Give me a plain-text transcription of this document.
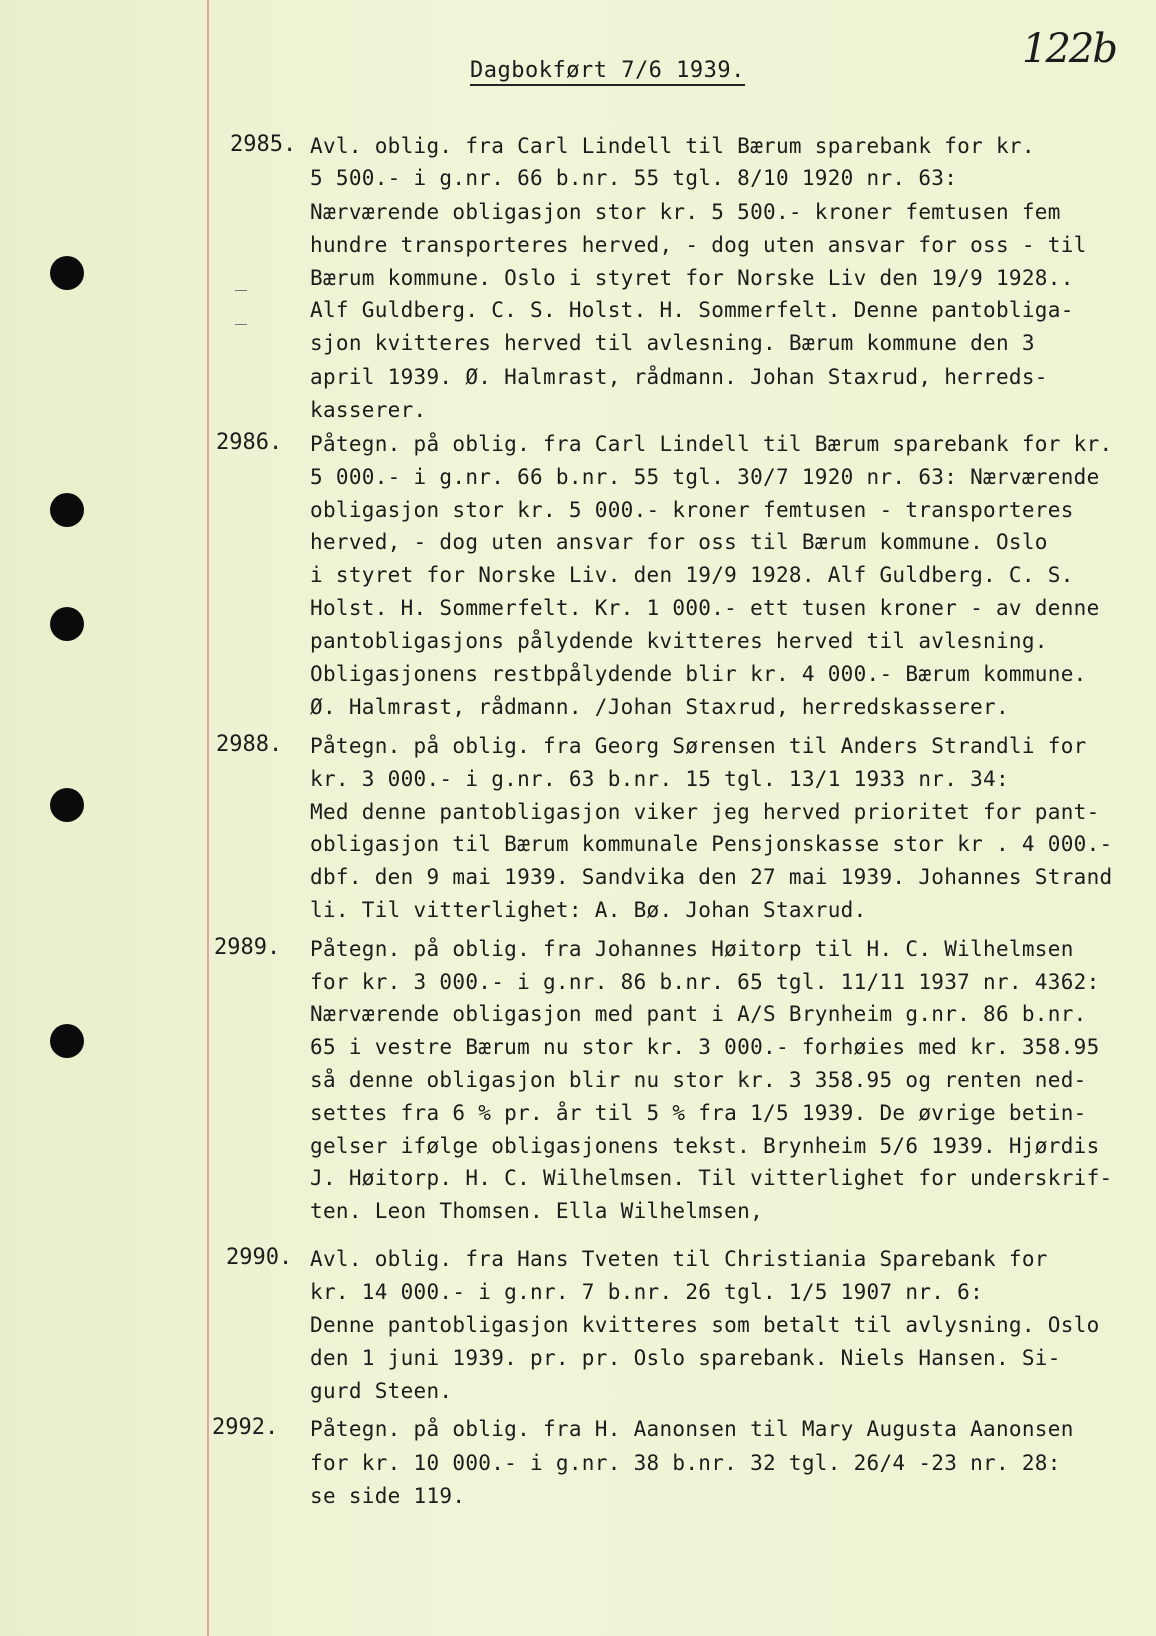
Dagbokført 7/6 1939.	122b
2985. Avl. oblig. fra Carl Lindell til Bærum sparebank for kr.
5 500.- i g.nr. 66 b.nr. 55 tgl. 8/10 1920 nr. 63:
Nærværende obligasjon stor kr. 5 500.- kroner femtusen fem
hundre transporteres herved, - dog uten ansvar for oss - til
Bærum kommune. Oslo i styret for Norske Liv den 19/9 1928..
Alf Guldberg. C. S. Holst. H. Sommerfelt. Denne pantobliga-
sjon kvitteres herved til avlesning. Bærum kommune den 3
april 1939. Ø. Halmrast, rådmann. Johan Staxrud, herreds-
kasserer.
2986. Påtegn. på oblig. fra Carl Lindell til Bærum sparebank for kr.
5 000.- i g.nr. 66 b.nr. 55 tgl. 30/7 1920 nr. 63: Nærværende
obligasjon stor kr. 5 000.- kroner femtusen - transporteres
herved, - dog uten ansvar for oss til Bærum kommune. Oslo
i styret for Norske Liv. den 19/9 1928. Alf Guldberg. C. S.
Holst. H. Sommerfelt. Kr. 1 000.- ett tusen kroner - av denne
pantobligasjons pålydende kvitteres herved til avlesning.
Obligasjonens restbpålydende blir kr. 4 000.- Bærum kommune.
Ø. Halmrast, rådmann. /Johan Staxrud, herredskasserer.
2988. Påtegn. på oblig. fra Georg Sørensen til Anders Strandli for
kr. 3 000.- i g.nr. 63 b.nr. 15 tgl. 13/1 1933 nr. 34:
Med denne pantobligasjon viker jeg herved prioritet for pant-
obligasjon til Bærum kommunale Pensjonskasse stor kr . 4 000.-
dbf. den 9 mai 1939. Sandvika den 27 mai 1939. Johannes Strand
li. Til vitterlighet: A. Bø. Johan Staxrud.
2989. Påtegn. på oblig. fra Johannes Høitorp til H. C. Wilhelmsen
for kr. 3 000.- i g.nr. 86 b.nr. 65 tgl. 11/11 1937 nr. 4362:
Nærværende obligasjon med pant i A/S Brynheim g.nr. 86 b.nr.
65 i vestre Bærum nu stor kr. 3 000.- forhøies med kr. 358.95
så denne obligasjon blir nu stor kr. 3 358.95 og renten ned-
settes fra 6 % pr. år til 5 % fra 1/5 1939. De øvrige betin-
gelser ifølge obligasjonens tekst. Brynheim 5/6 1939. Hjørdis
J. Høitorp. H. C. Wilhelmsen. Til vitterlighet for underskrif-
ten. Leon Thomsen. Ella Wilhelmsen,
2990. Avl. oblig. fra Hans Tveten til Christiania Sparebank for
kr. 14 000.- i g.nr. 7 b.nr. 26 tgl. 1/5 1907 nr. 6:
Denne pantobligasjon kvitteres som betalt til avlysning. Oslo
den 1 juni 1939. pr. pr. Oslo sparebank. Niels Hansen. Si-
gurd Steen.
2992. Påtegn. på oblig. fra H. Aanonsen til Mary Augusta Aanonsen
for kr. 10 000.- i g.nr. 38 b.nr. 32 tgl. 26/4 -23 nr. 28:
se side 119.
